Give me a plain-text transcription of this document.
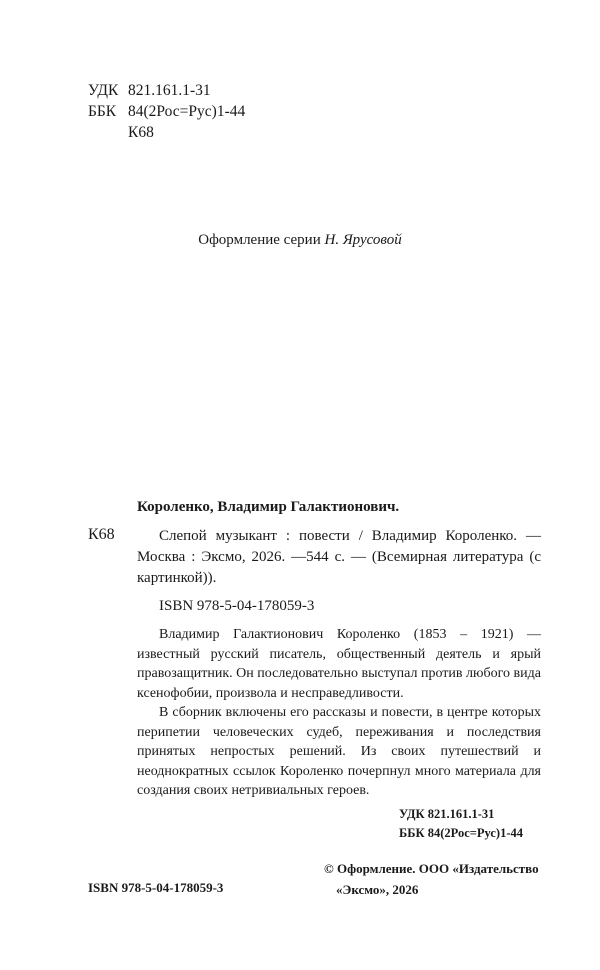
УДК 821.161.1-31
ББК 84(2Рос=Рус)1-44
К68
Оформление серии Н. Ярусовой
К68
Короленко, Владимир Галактионович.
Слепой музыкант : повести / Владимир Короленко. — Москва : Эксмо, 2026. —544 с. — (Всемирная литература (с картинкой)).
ISBN 978-5-04-178059-3

Владимир Галактионович Короленко (1853 – 1921) — известный русский писатель, общественный деятель и ярый правозащитник. Он последовательно выступал против любого вида ксенофобии, произвола и несправедливости.

В сборник включены его рассказы и повести, в центре которых перипетии человеческих судеб, переживания и последствия принятых непростых решений. Из своих путешествий и неоднократных ссылок Короленко почерпнул много материала для создания своих нетривиальных героев.

УДК 821.161.1-31
ББК 84(2Рос=Рус)1-44
ISBN 978-5-04-178059-3
© Оформление. ООО «Издательство
«Эксмо», 2026
